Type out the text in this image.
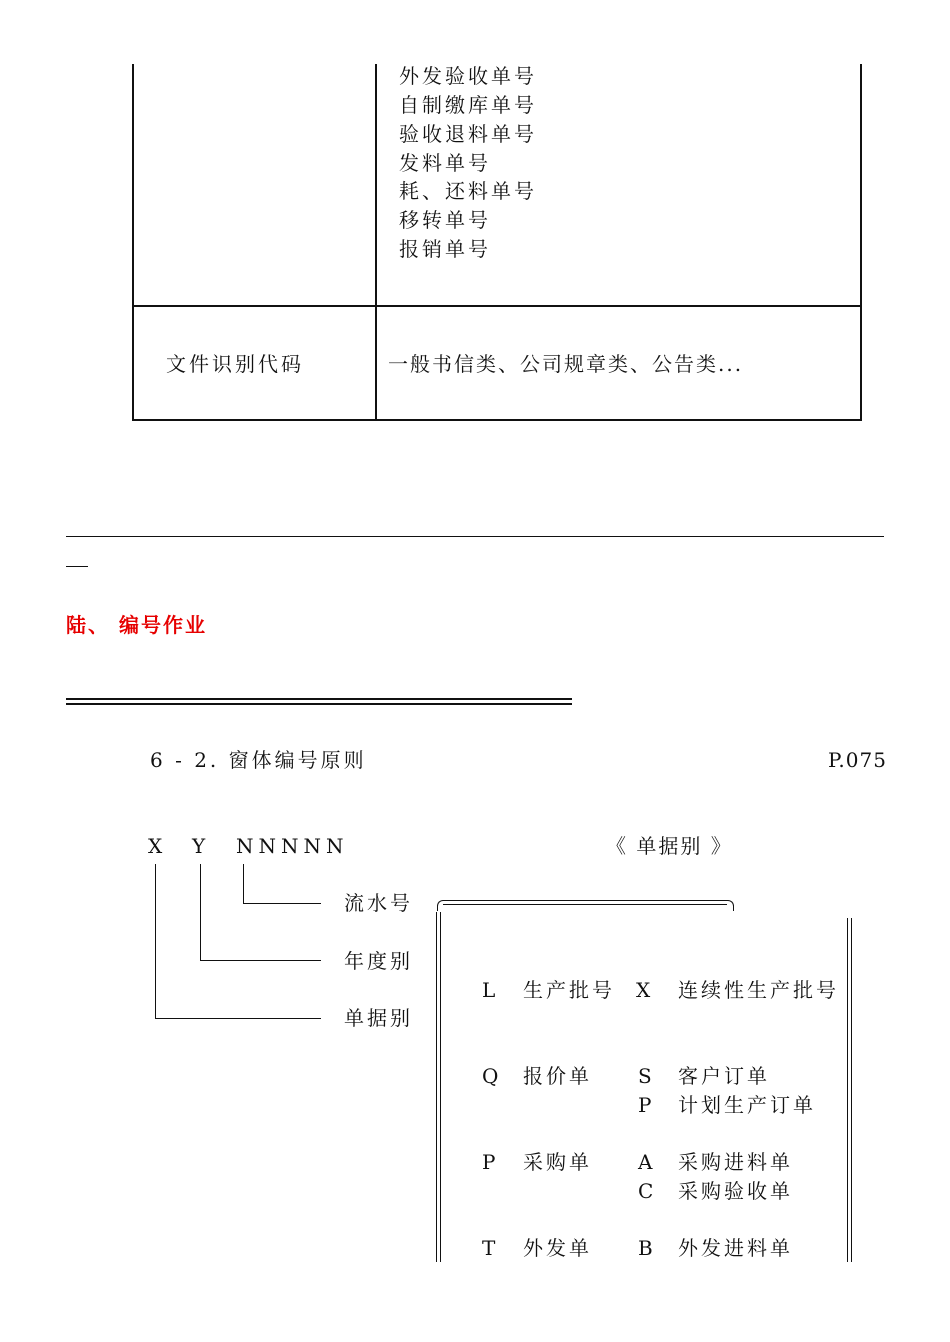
外发验收单号
自制缴库单号
验收退料单号
发料单号
耗、还料单号
移转单号
报销单号
文件识别代码	一般书信类、公司规章类、公告类...
陆、 编号作业
6 - 2. 窗体编号原则	P.075
X Y NNNNN
流水号
年度别
单据别
《 单据别 》
L 生产批号 X 连续性生产批号
Q 报价单 S 客户订单
P 计划生产订单
P 采购单 A 采购进料单
C 采购验收单
T 外发单 B 外发进料单
